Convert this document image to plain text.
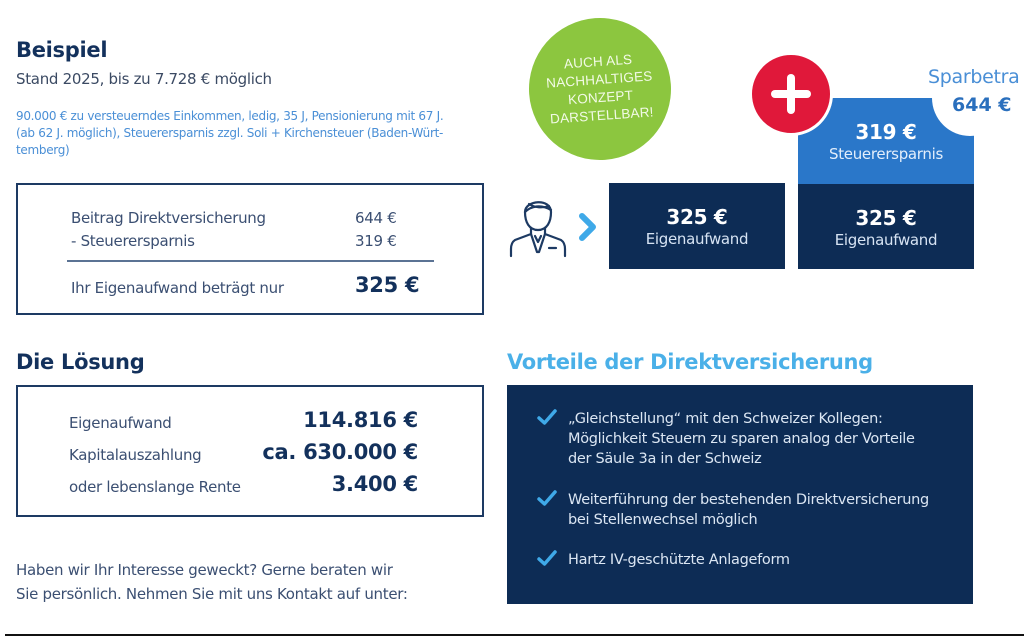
Beispiel
Stand 2025, bis zu 7.728 € möglich
90.000 € zu versteuerndes Einkommen, ledig, 35 J, Pensionierung mit 67 J.
(ab 62 J. möglich), Steuerersparnis zzgl. Soli + Kirchensteuer (Baden-Würt-
temberg)
Beitrag Direktversicherung	644 €
- Steuerersparnis	319 €
Ihr Eigenaufwand beträgt nur	325 €
Die Lösung
Eigenaufwand	114.816 €
Kapitalauszahlung	ca. 630.000 €
oder lebenslange Rente	3.400 €
Haben wir Ihr Interesse geweckt? Gerne beraten wir
Sie persönlich. Nehmen Sie mit uns Kontakt auf unter:
AUCH ALS
NACHHALTIGES
KONZEPT
DARSTELLBAR!
325 €
Eigenaufwand
319 €
Steuerersparnis
325 €
Eigenaufwand
Sparbetra
644 €
Vorteile der Direktversicherung
„Gleichstellung“ mit den Schweizer Kollegen:
Möglichkeit Steuern zu sparen analog der Vorteile
der Säule 3a in der Schweiz
Weiterführung der bestehenden Direktversicherung
bei Stellenwechsel möglich
Hartz IV-geschützte Anlageform
